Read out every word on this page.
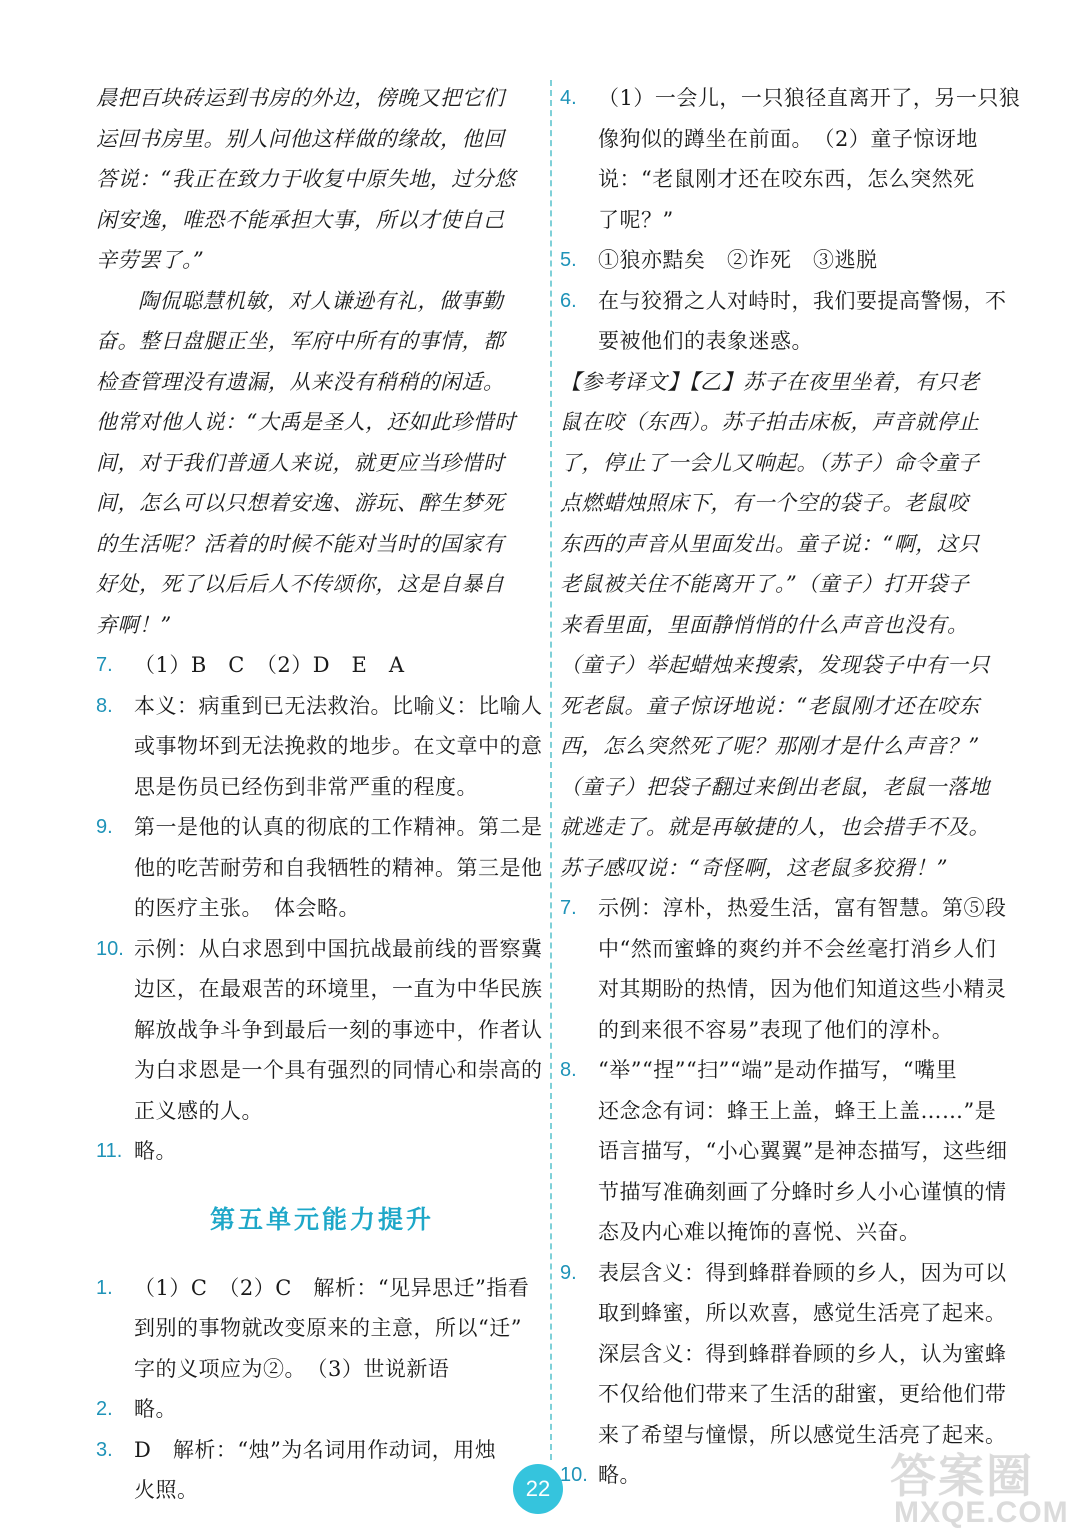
晨把百块砖运到书房的外边，傍晚又把它们

运回书房里。别人问他这样做的缘故，他回

答说：“我正在致力于收复中原失地，过分悠

闲安逸，唯恐不能承担大事，所以才使自己

辛劳罢了。”

陶侃聪慧机敏，对人谦逊有礼，做事勤

奋。整日盘腿正坐，军府中所有的事情，都

检查管理没有遗漏，从来没有稍稍的闲适。

他常对他人说：“大禹是圣人，还如此珍惜时

间，对于我们普通人来说，就更应当珍惜时

间，怎么可以只想着安逸、游玩、醉生梦死

的生活呢？活着的时候不能对当时的国家有

好处，死了以后后人不传颂你，这是自暴自

弃啊！”

7.	（1）B　C　（2）D　E　A

8.	本义：病重到已无法救治。比喻义：比喻人

或事物坏到无法挽救的地步。在文章中的意

思是伤员已经伤到非常严重的程度。

9.	第一是他的认真的彻底的工作精神。第二是

他的吃苦耐劳和自我牺牲的精神。第三是他

的医疗主张。　体会略。

10. 示例：从白求恩到中国抗战最前线的晋察冀

边区，在最艰苦的环境里，一直为中华民族

解放战争斗争到最后一刻的事迹中，作者认

为白求恩是一个具有强烈的同情心和崇高的

正义感的人。

11. 略。

第五单元能力提升
1.	（1）C　（2）C　解析：“见异思迁”指看

到别的事物就改变原来的主意，所以“迁”

字的义项应为②。　（3）世说新语

2.	略。

3.	D　解析：“烛”为名词用作动词，用烛

火照。

4.	（1）一会儿，一只狼径直离开了，另一只狼

像狗似的蹲坐在前面。　（2）童子惊讶地

说：“老鼠刚才还在咬东西，怎么突然死

了呢？”

5.	①狼亦黠矣　②诈死　③逃脱

6.	在与狡猾之人对峙时，我们要提高警惕，不

要被他们的表象迷惑。

【参考译文】【乙】苏子在夜里坐着，有只老

鼠在咬（东西）。苏子拍击床板，声音就停止

了，停止了一会儿又响起。（苏子）命令童子

点燃蜡烛照床下，有一个空的袋子。老鼠咬

东西的声音从里面发出。童子说：“啊，这只

老鼠被关住不能离开了。”（童子）打开袋子

来看里面，里面静悄悄的什么声音也没有。

（童子）举起蜡烛来搜索，发现袋子中有一只

死老鼠。童子惊讶地说：“老鼠刚才还在咬东

西，怎么突然死了呢？那刚才是什么声音？”

（童子）把袋子翻过来倒出老鼠，老鼠一落地

就逃走了。就是再敏捷的人，也会措手不及。

苏子感叹说：“奇怪啊，这老鼠多狡猾！”

7.	示例：淳朴，热爱生活，富有智慧。第⑤段

中“然而蜜蜂的爽约并不会丝毫打消乡人们

对其期盼的热情，因为他们知道这些小精灵

的到来很不容易”表现了他们的淳朴。

8.	“举”“捏”“扫”“端”是动作描写，“嘴里

还念念有词：蜂王上盖，蜂王上盖……”是

语言描写，“小心翼翼”是神态描写，这些细

节描写准确刻画了分蜂时乡人小心谨慎的情

态及内心难以掩饰的喜悦、兴奋。

9.	表层含义：得到蜂群眷顾的乡人，因为可以

取到蜂蜜，所以欢喜，感觉生活亮了起来。

深层含义：得到蜂群眷顾的乡人，认为蜜蜂

不仅给他们带来了生活的甜蜜，更给他们带

来了希望与憧憬，所以感觉生活亮了起来。

10. 略。

22	答案圈
MXQE.COM
